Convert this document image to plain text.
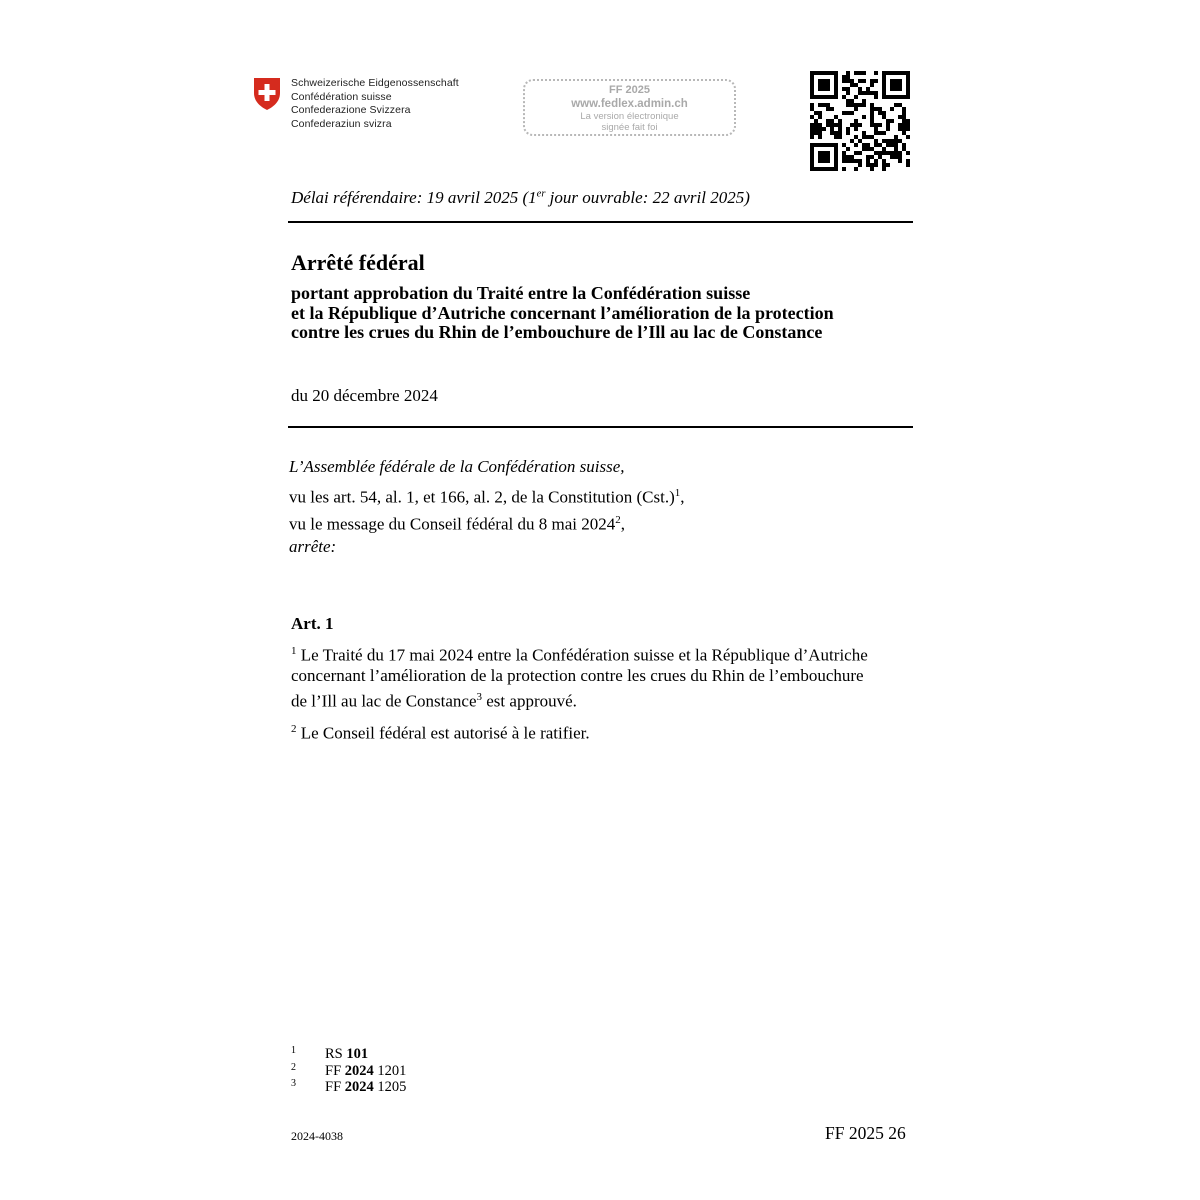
Schweizerische Eidgenossenschaft
Confédération suisse
Confederazione Svizzera
Confederaziun svizra
FF 2025
www.fedlex.admin.ch
La version électronique
signée fait foi
Délai référendaire: 19 avril 2025 (1er jour ouvrable: 22 avril 2025)
Arrêté fédéral
portant approbation du Traité entre la Confédération suisse
et la République d’Autriche concernant l’amélioration de la protection
contre les crues du Rhin de l’embouchure de l’Ill au lac de Constance
du 20 décembre 2024
L’Assemblée fédérale de la Confédération suisse,
vu les art. 54, al. 1, et 166, al. 2, de la Constitution $(Cst.)^1$,
vu le message du Conseil fédéral du 8 mai 2024$^2$,
arrête:
Art. 1
$^1$ Le Traité du 17 mai 2024 entre la Confédération suisse et la République d’Autriche
concernant l’amélioration de la protection contre les crues du Rhin de l’embouchure
de l’Ill au lac de Constance$^3$ est approuvé.
$^2$ Le Conseil fédéral est autorisé à le ratifier.
1 RS 101
2 FF 2024 1201
3 FF 2024 1205
2024-4038	FF 2025 26
